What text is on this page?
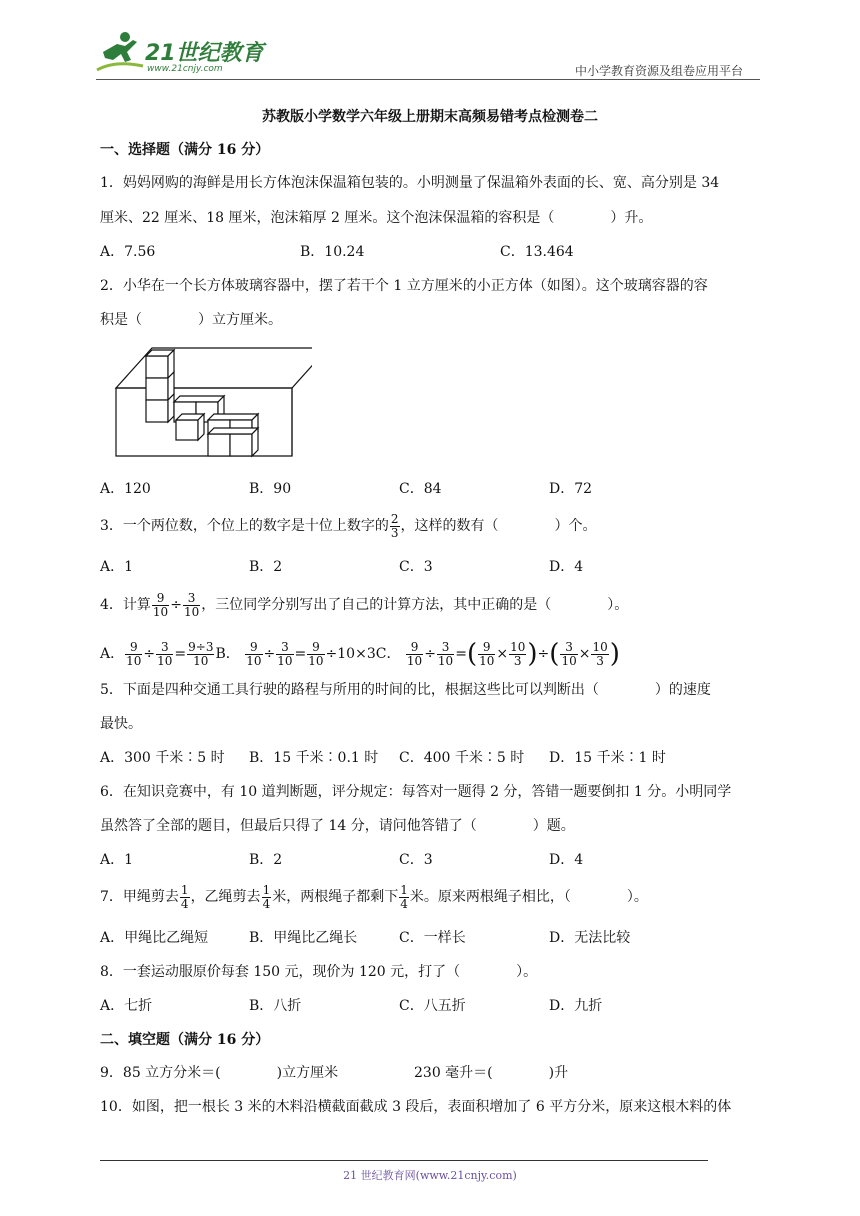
21世纪教育
www.21cnjy.com	中小学教育资源及组卷应用平台
苏教版小学数学六年级上册期末高频易错考点检测卷二
一、选择题（满分 16 分）
1．妈妈网购的海鲜是用长方体泡沫保温箱包装的。小明测量了保温箱外表面的长、宽、高分别是 34
厘米、22 厘米、18 厘米，泡沫箱厚 2 厘米。这个泡沫保温箱的容积是（　　　　）升。
A．7.56	B．10.24	C．13.464
2．小华在一个长方体玻璃容器中，摆了若干个 1 立方厘米的小正方体（如图）。这个玻璃容器的容
积是（　　　　）立方厘米。
A．120	B．90	C．84	D．72
3．一个两位数，个位上的数字是十位上数字的 $\frac{2}{3}$ ，这样的数有（　　　　）个。
A．1	B．2	C．3	D．4
4．计算 $\frac{9}{10} \div \frac{3}{10}$ ，三位同学分别写出了自己的计算方法，其中正确的是（　　　　）。
A． $\frac{9}{10} \div \frac{3}{10} = \frac{9\div 3}{10}$ B． $\frac{9}{10} \div \frac{3}{10} = \frac{9}{10} \div 10\times 3C$． $\frac{9}{10} \div \frac{3}{10}$ =( $\frac{9}{10} \times \frac{10}{3}$ )÷( $\frac{3}{10} \times \frac{10}{3}$ )
5．下面是四种交通工具行驶的路程与所用的时间的比，根据这些比可以判断出（　　　　）的速度
最快。
A．300 千米∶5 时 B．15 千米∶0.1 时 C．400 千米∶5 时 D．15 千米∶1 时
6．在知识竞赛中，有 10 道判断题，评分规定：每答对一题得 2 分，答错一题要倒扣 1 分。小明同学
虽然答了全部的题目，但最后只得了 14 分，请问他答错了（　　　　）题。
A．1	B．2	C．3	D．4
7．甲绳剪去 $\frac{1}{4}$ ，乙绳剪去 $\frac{1}{4}$ 米，两根绳子都剩下 $\frac{1}{4}$ 米。原来两根绳子相比，（　　　　）。
A．甲绳比乙绳短	B．甲绳比乙绳长	C．一样长	D．无法比较
8．一套运动服原价每套 150 元，现价为 120 元，打了（　　　　）。
A．七折	B．八折	C．八五折	D．九折
二、填空题（满分 16 分）
9．85 立方分米＝(　　　　)立方厘米	230 毫升＝(　　　　)升
10．如图，把一根长 3 米的木料沿横截面截成 3 段后，表面积增加了 6 平方分米，原来这根木料的体
21 世纪教育网(www.21cnjy.com)
